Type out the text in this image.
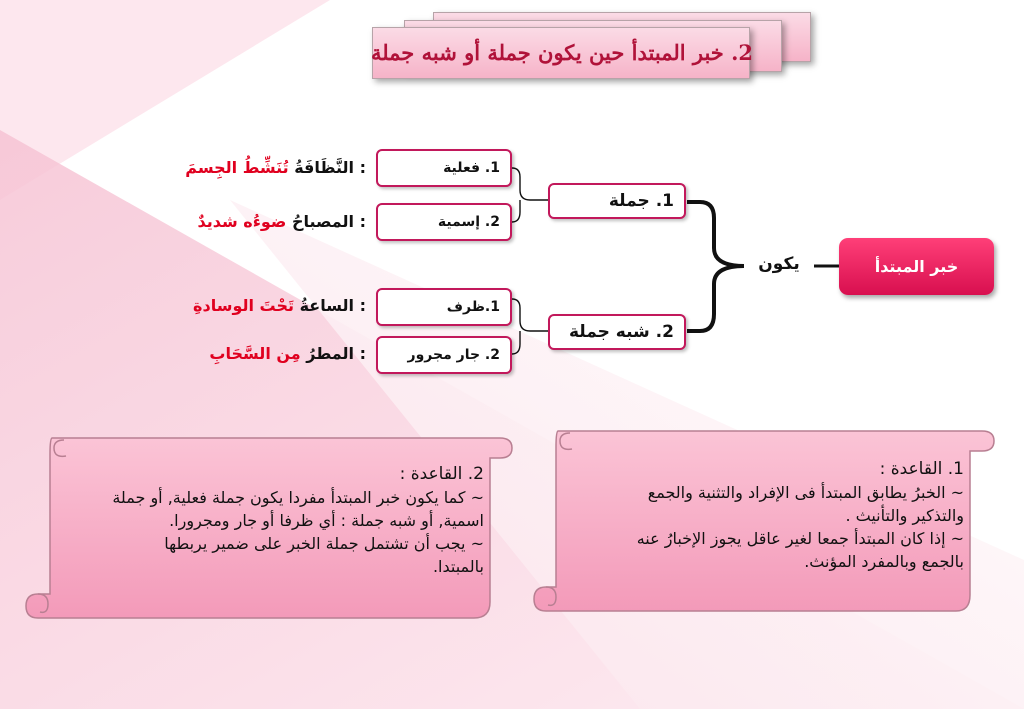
2. خبر المبتدأ حين يكون جملة أو شبه جملة
خبر المبتدأ
يكون
1. جملة
2. شبه جملة
1. فعلية
2. إسمية
1.ظرف
2. جار مجرور
: النَّظَافَةُ تُنَشِّطُ الجِسمَ
: المصباحُ ضوءُه شديدٌ
: الساعةُ تَحْتَ الوسادةِ
: المطرُ مِن السَّحَابِ
1. القاعدة :
~ الخبرُ يطابق المبتدأ فى الإفراد والتثنية والجمع
والتذكير والتأنيث .
~ إذا كان المبتدأ جمعا لغير عاقل يجوز الإخبارُ عنه
بالجمع وبالمفرد المؤنث.
2. القاعدة :
~ كما يكون خبر المبتدأ مفردا يكون جملة فعلية, أو جملة
اسمية, أو شبه جملة : أي ظرفا أو جار ومجرورا.
~ يجب أن تشتمل جملة الخبر على ضمير يربطها
بالمبتدا.
